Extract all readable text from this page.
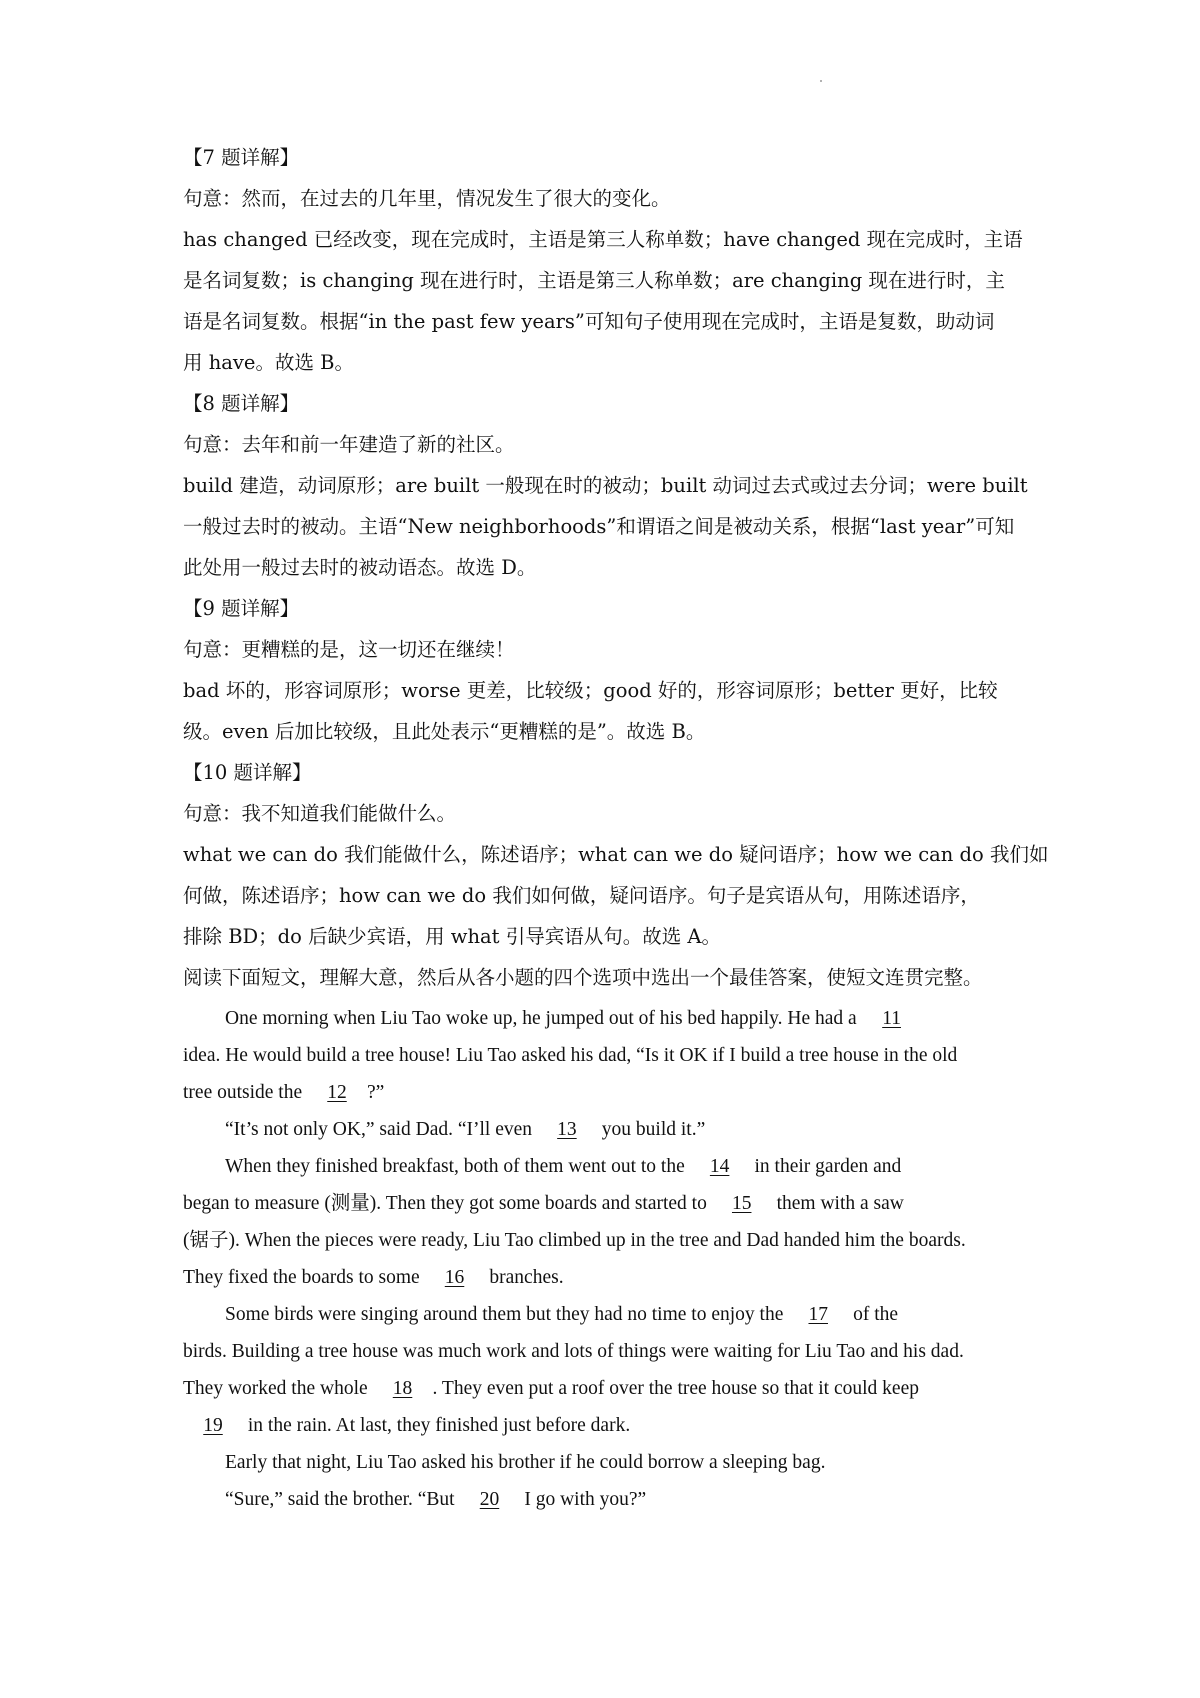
【7 题详解】
句意：然而，在过去的几年里，情况发生了很大的变化。
has changed 已经改变，现在完成时，主语是第三人称单数；have changed 现在完成时，主语
是名词复数；is changing 现在进行时，主语是第三人称单数；are changing 现在进行时，主
语是名词复数。根据“in the past few years”可知句子使用现在完成时，主语是复数，助动词
用 have。故选 B。
【8 题详解】
句意：去年和前一年建造了新的社区。
build 建造，动词原形；are built 一般现在时的被动；built 动词过去式或过去分词；were built
一般过去时的被动。主语“New neighborhoods”和谓语之间是被动关系，根据“last year”可知
此处用一般过去时的被动语态。故选 D。
【9 题详解】
句意：更糟糕的是，这一切还在继续！
bad 坏的，形容词原形；worse 更差，比较级；good 好的，形容词原形；better 更好，比较
级。even 后加比较级，且此处表示“更糟糕的是”。故选 B。
【10 题详解】
句意：我不知道我们能做什么。
what we can do 我们能做什么，陈述语序；what can we do 疑问语序；how we can do 我们如
何做，陈述语序；how can we do 我们如何做，疑问语序。句子是宾语从句，用陈述语序，
排除 BD；do 后缺少宾语，用 what 引导宾语从句。故选 A。
阅读下面短文，理解大意，然后从各小题的四个选项中选出一个最佳答案，使短文连贯完整。
One morning when Liu Tao woke up, he jumped out of his bed happily. He had a 11
idea. He would build a tree house! Liu Tao asked his dad, “Is it OK if I build a tree house in the old
tree outside the 12 ?”
“It’s not only OK,” said Dad. “I’ll even 13 you build it.”
When they finished breakfast, both of them went out to the 14 in their garden and
began to measure (测量). Then they got some boards and started to 15 them with a saw
(锯子). When the pieces were ready, Liu Tao climbed up in the tree and Dad handed him the boards.
They fixed the boards to some 16 branches.
Some birds were singing around them but they had no time to enjoy the 17 of the
birds. Building a tree house was much work and lots of things were waiting for Liu Tao and his dad.
They worked the whole 18 . They even put a roof over the tree house so that it could keep
19 in the rain. At last, they finished just before dark.
Early that night, Liu Tao asked his brother if he could borrow a sleeping bag.
“Sure,” said the brother. “But 20 I go with you?”
